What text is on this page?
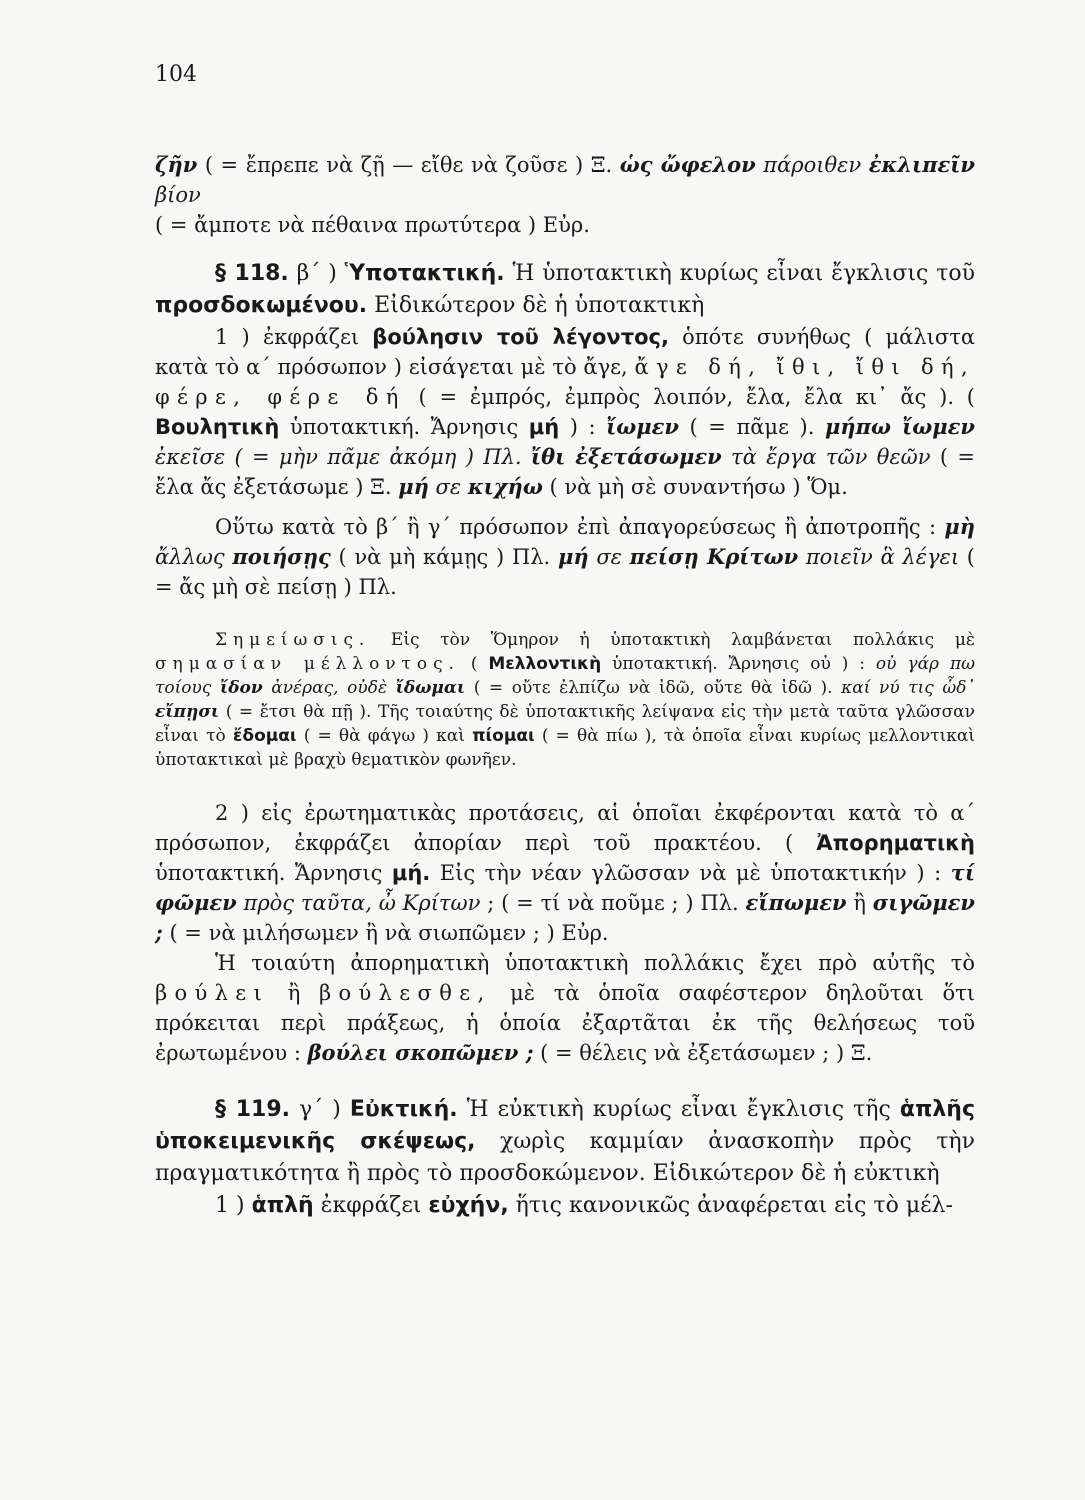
104

ζῆν ( = ἔπρεπε νὰ ζῇ — εἴθε νὰ ζοῦσε ) Ξ. ὡς ὤφελον πάροιθεν ἐκλιπεῖν βίον
( = ἄμποτε νὰ πέθαινα πρωτύτερα ) Εὐρ.

§ 118. β΄ ) Ὑποτακτική. Ἡ ὑποτακτικὴ κυρίως εἶναι ἔγκλισις τοῦ προσδοκωμένου. Εἰδικώτερον δὲ ἡ ὑποτακτικὴ

1 ) ἐκφράζει βούλησιν τοῦ λέγοντος, ὁπότε συνήθως ( μάλιστα κατὰ τὸ α΄ πρόσωπον ) εἰσάγεται μὲ τὸ ἄγε, ἄγε δή, ἴθι, ἴθι δή, φέρε, φέρε δή ( = ἐμπρός, ἐμπρὸς λοιπόν, ἔλα, ἔλα κι᾽ ἄς ). ( Βουλητικὴ ὑποτακτική. Ἄρνησις μή ) : ἴωμεν ( = πᾶμε ). μήπω ἴωμεν ἐκεῖσε ( = μὴν πᾶμε ἀκόμη ) Πλ. ἴθι ἐξετάσωμεν τὰ ἔργα τῶν θεῶν ( = ἔλα ἄς ἐξετάσωμε ) Ξ. μή σε κιχήω ( νὰ μὴ σὲ συναντήσω ) Ὅμ.

Οὕτω κατὰ τὸ β΄ ἢ γ΄ πρόσωπον ἐπὶ ἀπαγορεύσεως ἢ ἀποτροπῆς : μὴ ἄλλως ποιήσῃς ( νὰ μὴ κάμῃς ) Πλ. μή σε πείσῃ Κρίτων ποιεῖν ἃ λέγει ( = ἄς μὴ σὲ πείσῃ ) Πλ.

Σημείωσις. Εἰς τὸν Ὅμηρον ἡ ὑποτακτικὴ λαμβάνεται πολλάκις μὲ σημασίαν μέλλοντος. ( Μελλοντικὴ ὑποτακτική. Ἄρνησις οὐ ) : οὐ γάρ πω τοίους ἴδον ἀνέρας, οὐδὲ ἴδωμαι ( = οὔτε ἐλπίζω νὰ ἰδῶ, οὔτε θὰ ἰδῶ ). καί νύ τις ὧδ᾽ εἴπῃσι ( = ἔτσι θὰ πῇ ). Τῆς τοιαύτης δὲ ὑποτακτικῆς λείψανα εἰς τὴν μετὰ ταῦτα γλῶσσαν εἶναι τὸ ἔδομαι ( = θὰ φάγω ) καὶ πίομαι ( = θὰ πίω ), τὰ ὁποῖα εἶναι κυρίως μελλοντικαὶ ὑποτακτικαὶ μὲ βραχὺ θεματικὸν φωνῆεν.

2 ) εἰς ἐρωτηματικὰς προτάσεις, αἱ ὁποῖαι ἐκφέρονται κατὰ τὸ α΄ πρόσωπον, ἐκφράζει ἀπορίαν περὶ τοῦ πρακτέου. ( Ἀπορηματικὴ ὑποτακτική. Ἄρνησις μή. Εἰς τὴν νέαν γλῶσσαν νὰ μὲ ὑποτακτικήν ) : τί φῶμεν πρὸς ταῦτα, ὦ Κρίτων ; ( = τί νὰ ποῦμε ; ) Πλ. εἴπωμεν ἢ σιγῶμεν ; ( = νὰ μιλήσωμεν ἢ νὰ σιωπῶμεν ; ) Εὐρ.

Ἡ τοιαύτη ἀπορηματικὴ ὑποτακτικὴ πολλάκις ἔχει πρὸ αὐτῆς τὸ βούλει ἢ βούλεσθε, μὲ τὰ ὁποῖα σαφέστερον δηλοῦται ὅτι πρόκειται περὶ πράξεως, ἡ ὁποία ἐξαρτᾶται ἐκ τῆς θελήσεως τοῦ ἐρωτωμένου : βούλει σκοπῶμεν ; ( = θέλεις νὰ ἐξετάσωμεν ; ) Ξ.

§ 119. γ΄ ) Εὐκτική. Ἡ εὐκτικὴ κυρίως εἶναι ἔγκλισις τῆς ἁπλῆς ὑποκειμενικῆς σκέψεως, χωρὶς καμμίαν ἀνασκοπὴν πρὸς τὴν πραγματικότητα ἢ πρὸς τὸ προσδοκώμενον. Εἰδικώτερον δὲ ἡ εὐκτικὴ

1 ) ἁπλῆ ἐκφράζει εὐχήν, ἥτις κανονικῶς ἀναφέρεται εἰς τὸ μέλ-
